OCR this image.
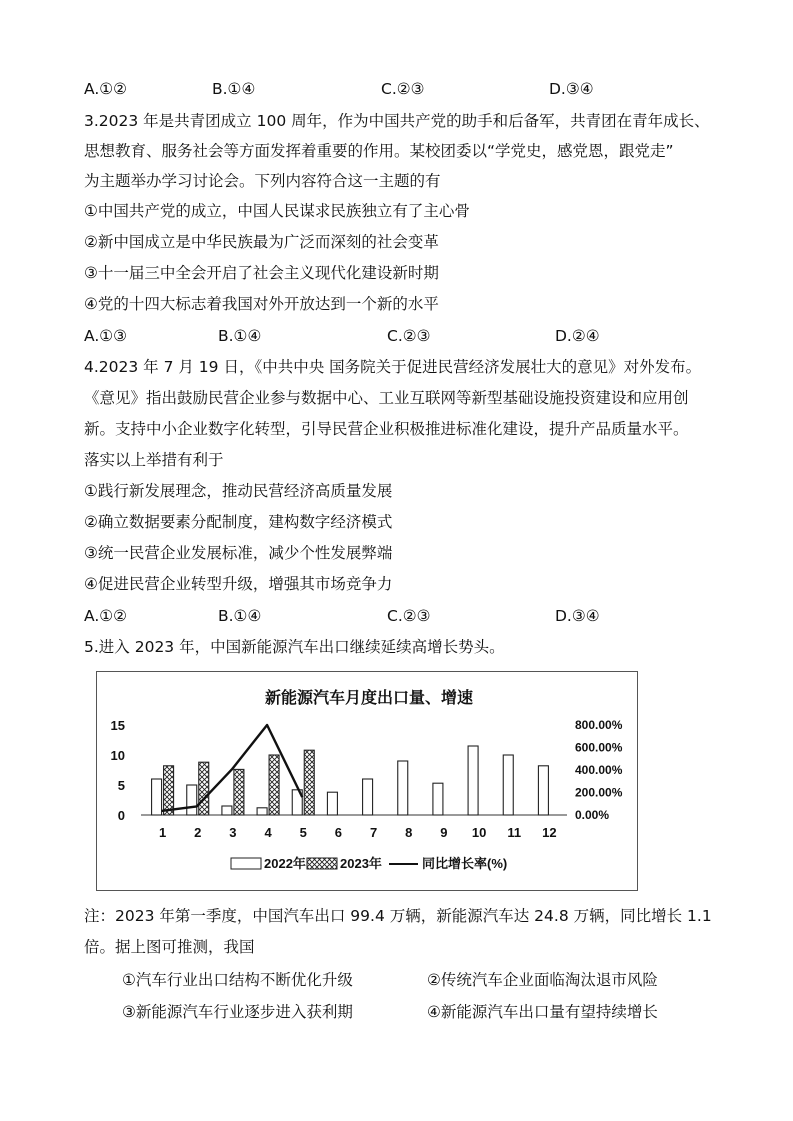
A.①②	B.①④	C.②③	D.③④
3.2023 年是共青团成立 100 周年，作为中国共产党的助手和后备军，共青团在青年成长、
思想教育、服务社会等方面发挥着重要的作用。某校团委以“学党史，感党恩，跟党走”
为主题举办学习讨论会。下列内容符合这一主题的有
①中国共产党的成立，中国人民谋求民族独立有了主心骨
②新中国成立是中华民族最为广泛而深刻的社会变革
③十一届三中全会开启了社会主义现代化建设新时期
④党的十四大标志着我国对外开放达到一个新的水平
A.①③	B.①④	C.②③	D.②④
4.2023 年 7 月 19 日，《中共中央 国务院关于促进民营经济发展壮大的意见》对外发布。
《意见》指出鼓励民营企业参与数据中心、工业互联网等新型基础设施投资建设和应用创
新。支持中小企业数字化转型，引导民营企业积极推进标准化建设，提升产品质量水平。
落实以上举措有利于
①践行新发展理念，推动民营经济高质量发展
②确立数据要素分配制度，建构数字经济模式
③统一民营企业发展标准，减少个性发展弊端
④促进民营企业转型升级，增强其市场竞争力
A.①②	B.①④	C.②③	D.③④
5.进入 2023 年，中国新能源汽车出口继续延续高增长势头。
新能源汽车月度出口量、增速
0
5
10
15
0.00%
200.00%
400.00%
600.00%
800.00%
1 2 3 4 5 6 7 8 9 10 11 12
2022年	2023年	同比增长率(%)
注：2023 年第一季度，中国汽车出口 99.4 万辆，新能源汽车达 24.8 万辆，同比增长 1.1
倍。据上图可推测，我国
①汽车行业出口结构不断优化升级	②传统汽车企业面临淘汰退市风险
③新能源汽车行业逐步进入获利期	④新能源汽车出口量有望持续增长
